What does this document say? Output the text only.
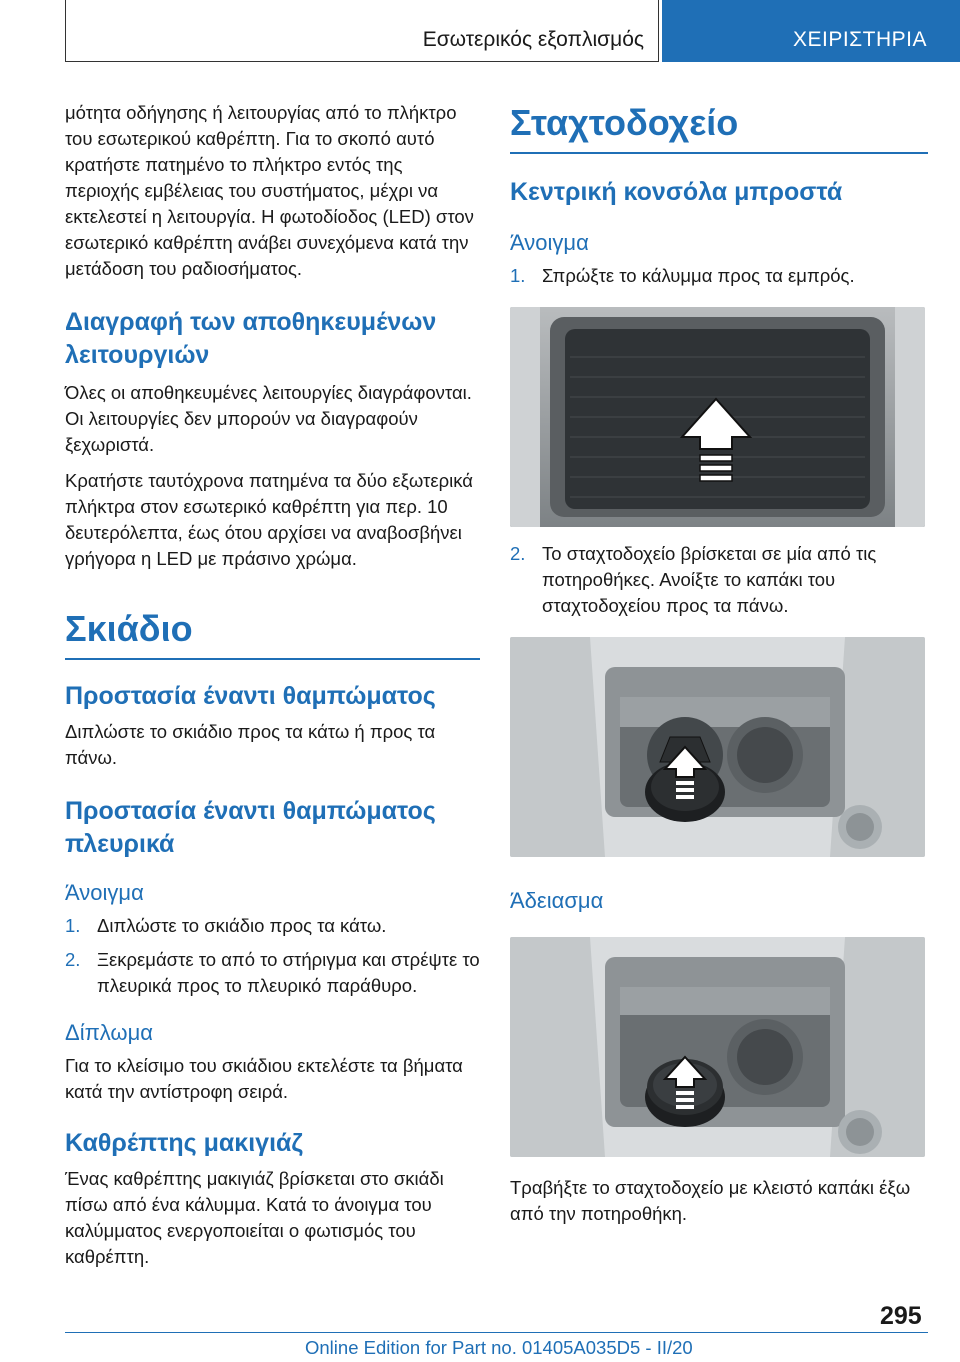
Εσωτερικός εξοπλισμός	ΧΕΙΡΙΣΤΗΡΙΑ

μότητα οδήγησης ή λειτουργίας από το πλήκτρο του εσωτερικού καθρέπτη. Για το σκοπό αυτό κρατήστε πατημένο το πλήκτρο εντός της περιοχής εμβέλειας του συστήματος, μέχρι να εκτελεστεί η λειτουργία. Η φωτοδίοδος (LED) στον εσωτερικό καθρέπτη ανάβει συνεχόμενα κατά την μετάδοση του ραδιοσήματος.

Διαγραφή των αποθηκευμένων λειτουργιών

Όλες οι αποθηκευμένες λειτουργίες διαγράφονται. Οι λειτουργίες δεν μπορούν να διαγραφούν ξεχωριστά.

Κρατήστε ταυτόχρονα πατημένα τα δύο εξωτερικά πλήκτρα στον εσωτερικό καθρέπτη για περ. 10 δευτερόλεπτα, έως ότου αρχίσει να αναβοσβήνει γρήγορα η LED με πράσινο χρώμα.

Σκιάδιο
Προστασία έναντι θαμπώματος

Διπλώστε το σκιάδιο προς τα κάτω ή προς τα πάνω.

Προστασία έναντι θαμπώματος πλευρικά
Άνοιγμα
1. Διπλώστε το σκιάδιο προς τα κάτω.
2. Ξεκρεμάστε το από το στήριγμα και στρέψτε το πλευρικά προς το πλευρικό παράθυρο.
Δίπλωμα

Για το κλείσιμο του σκιάδιου εκτελέστε τα βήματα κατά την αντίστροφη σειρά.

Καθρέπτης μακιγιάζ

Ένας καθρέπτης μακιγιάζ βρίσκεται στο σκιάδι πίσω από ένα κάλυμμα. Κατά το άνοιγμα του καλύμματος ενεργοποιείται ο φωτισμός του καθρέπτη.

Σταχτοδοχείο
Κεντρική κονσόλα μπροστά
Άνοιγμα
1. Σπρώξτε το κάλυμμα προς τα εμπρός.
2. Το σταχτοδοχείο βρίσκεται σε μία από τις ποτηροθήκες. Ανοίξτε το καπάκι του σταχτοδοχείου προς τα πάνω.
Άδειασμα

Τραβήξτε το σταχτοδοχείο με κλειστό καπάκι έξω από την ποτηροθήκη.

295
Online Edition for Part no. 01405A035D5 - II/20
